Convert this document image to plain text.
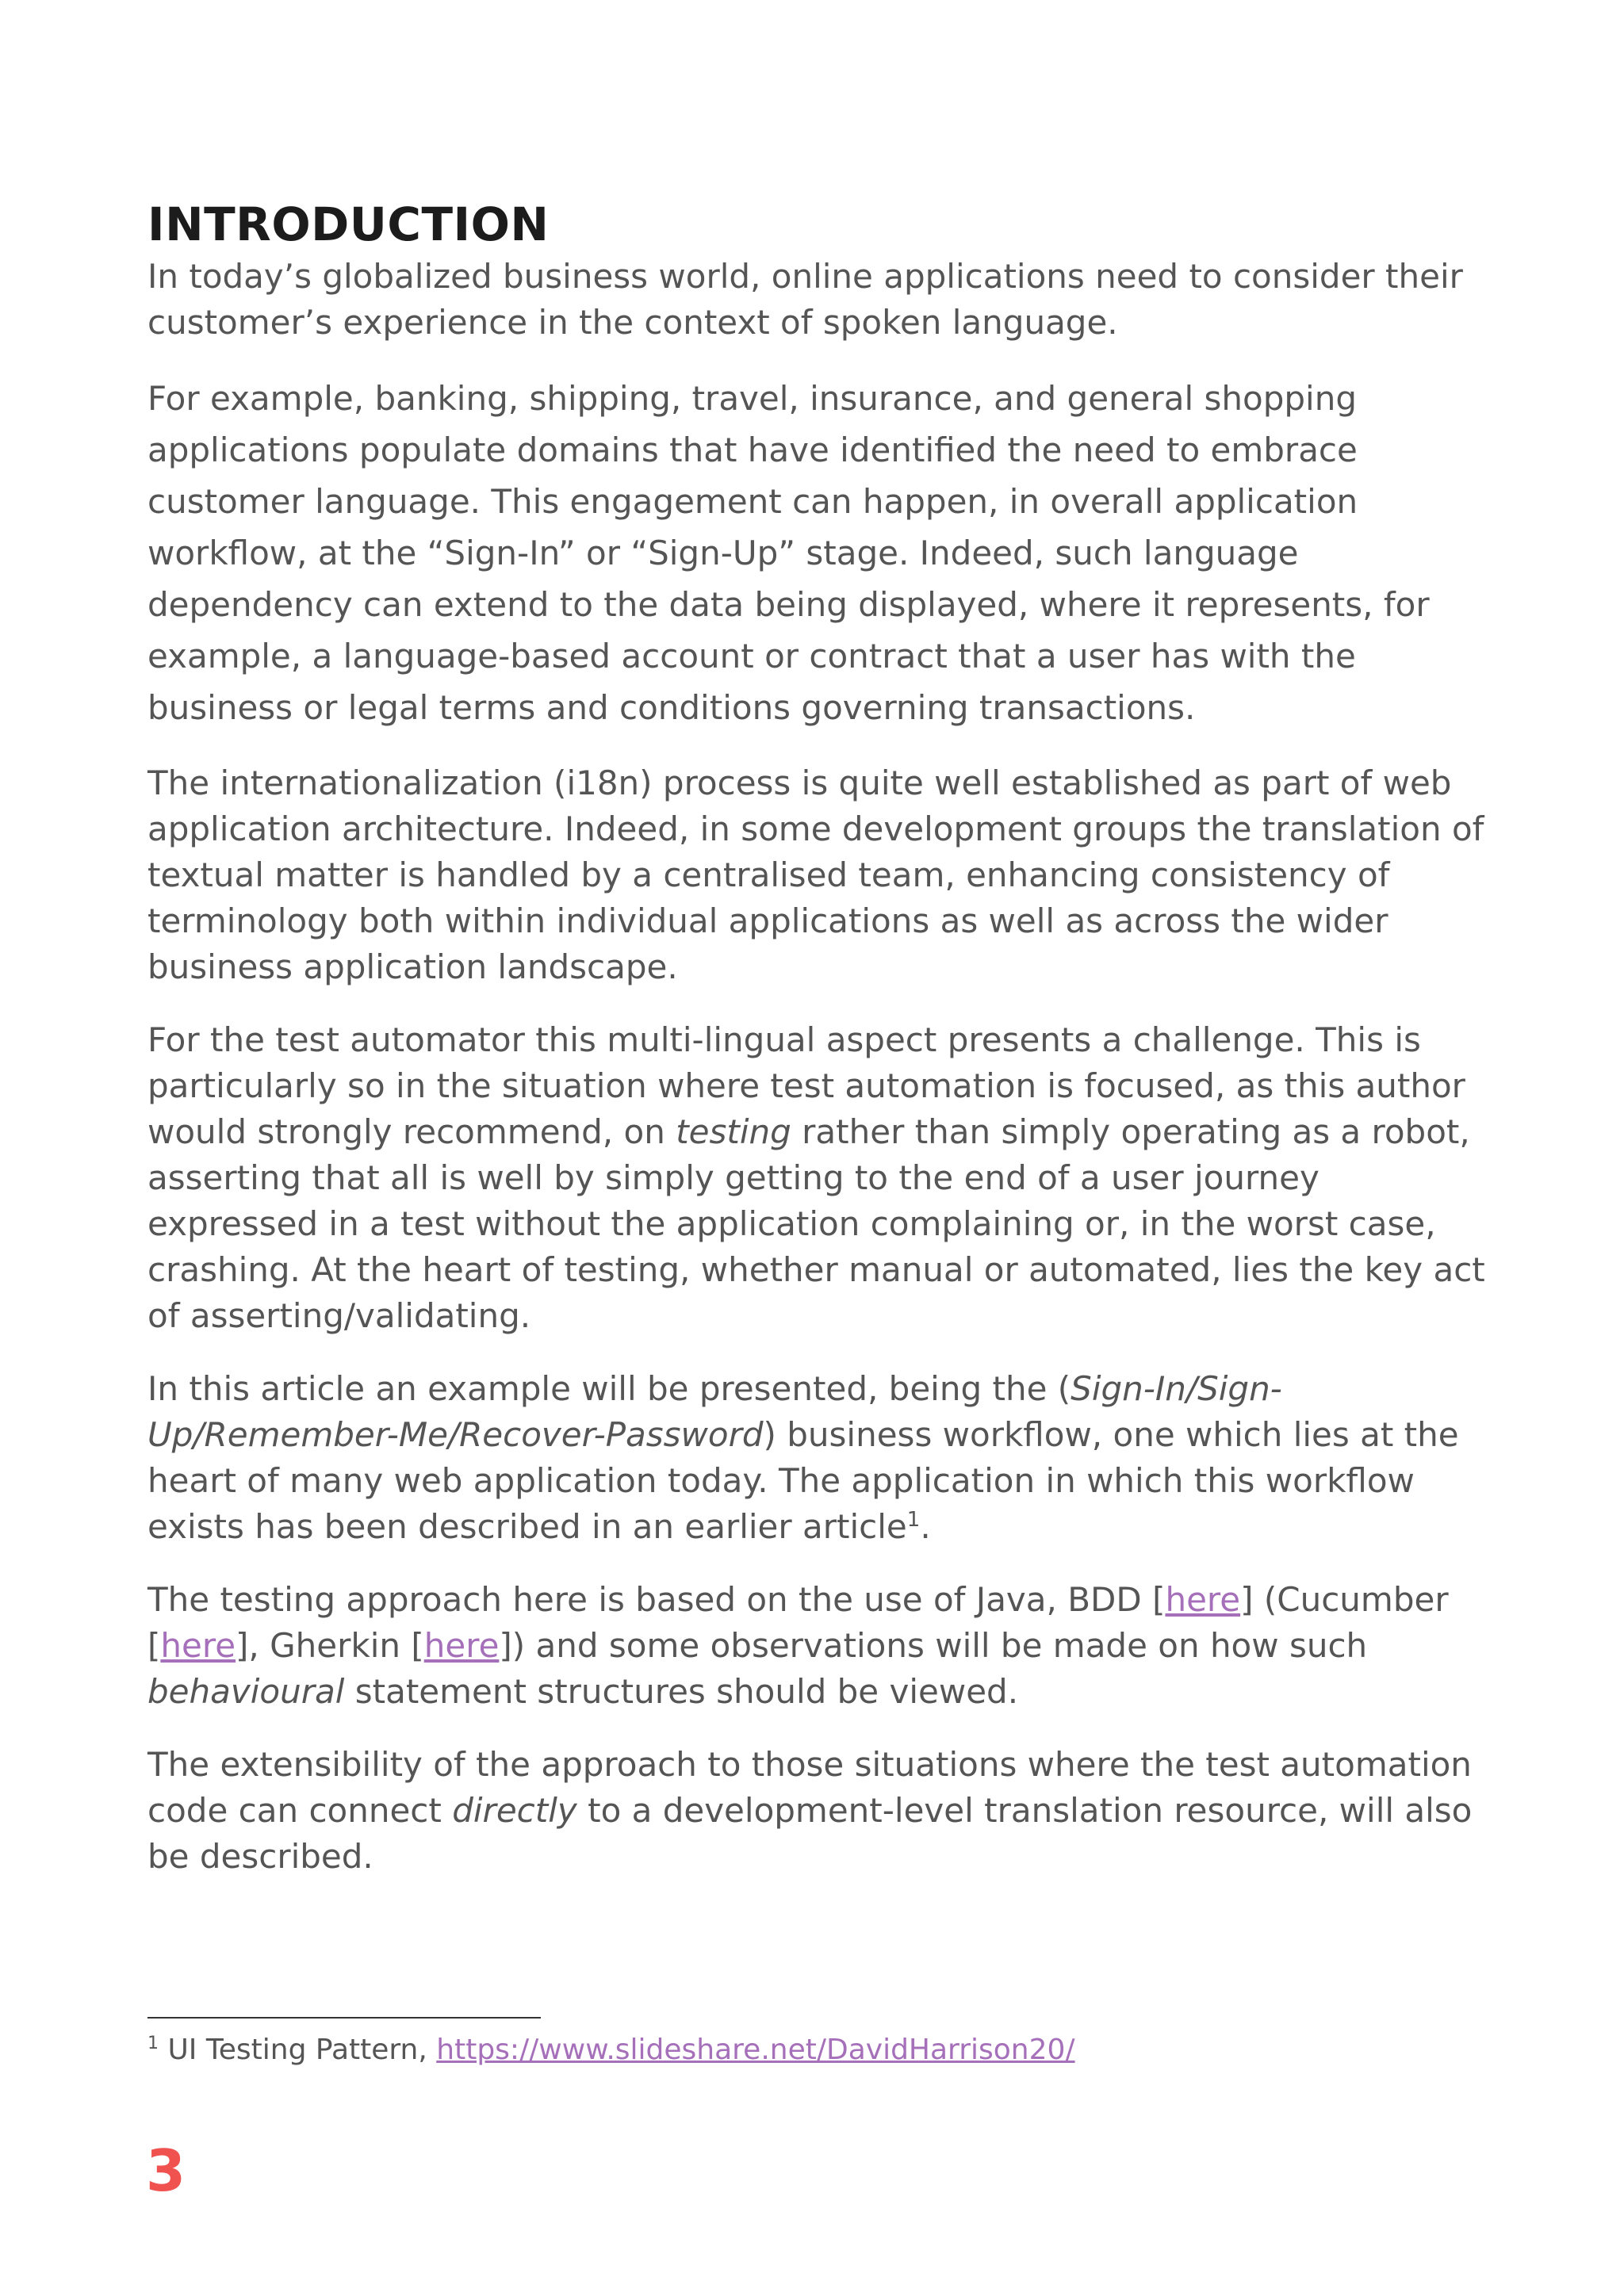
INTRODUCTION

In today’s globalized business world, online applications need to consider their customer’s experience in the context of spoken language.

For example, banking, shipping, travel, insurance, and general shopping applications populate domains that have identified the need to embrace customer language. This engagement can happen, in overall application workflow, at the “Sign-In” or “Sign-Up” stage. Indeed, such language dependency can extend to the data being displayed, where it represents, for example, a language-based account or contract that a user has with the business or legal terms and conditions governing transactions.

The internationalization (i18n) process is quite well established as part of web application architecture. Indeed, in some development groups the translation of textual matter is handled by a centralised team, enhancing consistency of terminology both within individual applications as well as across the wider business application landscape.

For the test automator this multi-lingual aspect presents a challenge. This is particularly so in the situation where test automation is focused, as this author would strongly recommend, on testing rather than simply operating as a robot, asserting that all is well by simply getting to the end of a user journey expressed in a test without the application complaining or, in the worst case, crashing. At the heart of testing, whether manual or automated, lies the key act of asserting/validating.

In this article an example will be presented, being the (Sign-In/Sign-Up/Remember-Me/Recover-Password) business workflow, one which lies at the heart of many web application today. The application in which this workflow exists has been described in an earlier article$^1$.

The testing approach here is based on the use of Java, BDD [here] (Cucumber [here], Gherkin [here]) and some observations will be made on how such behavioural statement structures should be viewed.

The extensibility of the approach to those situations where the test automation code can connect directly to a development-level translation resource, will also be described.

$^1$ UI Testing Pattern, https://www.slideshare.net/DavidHarrison20/
3
